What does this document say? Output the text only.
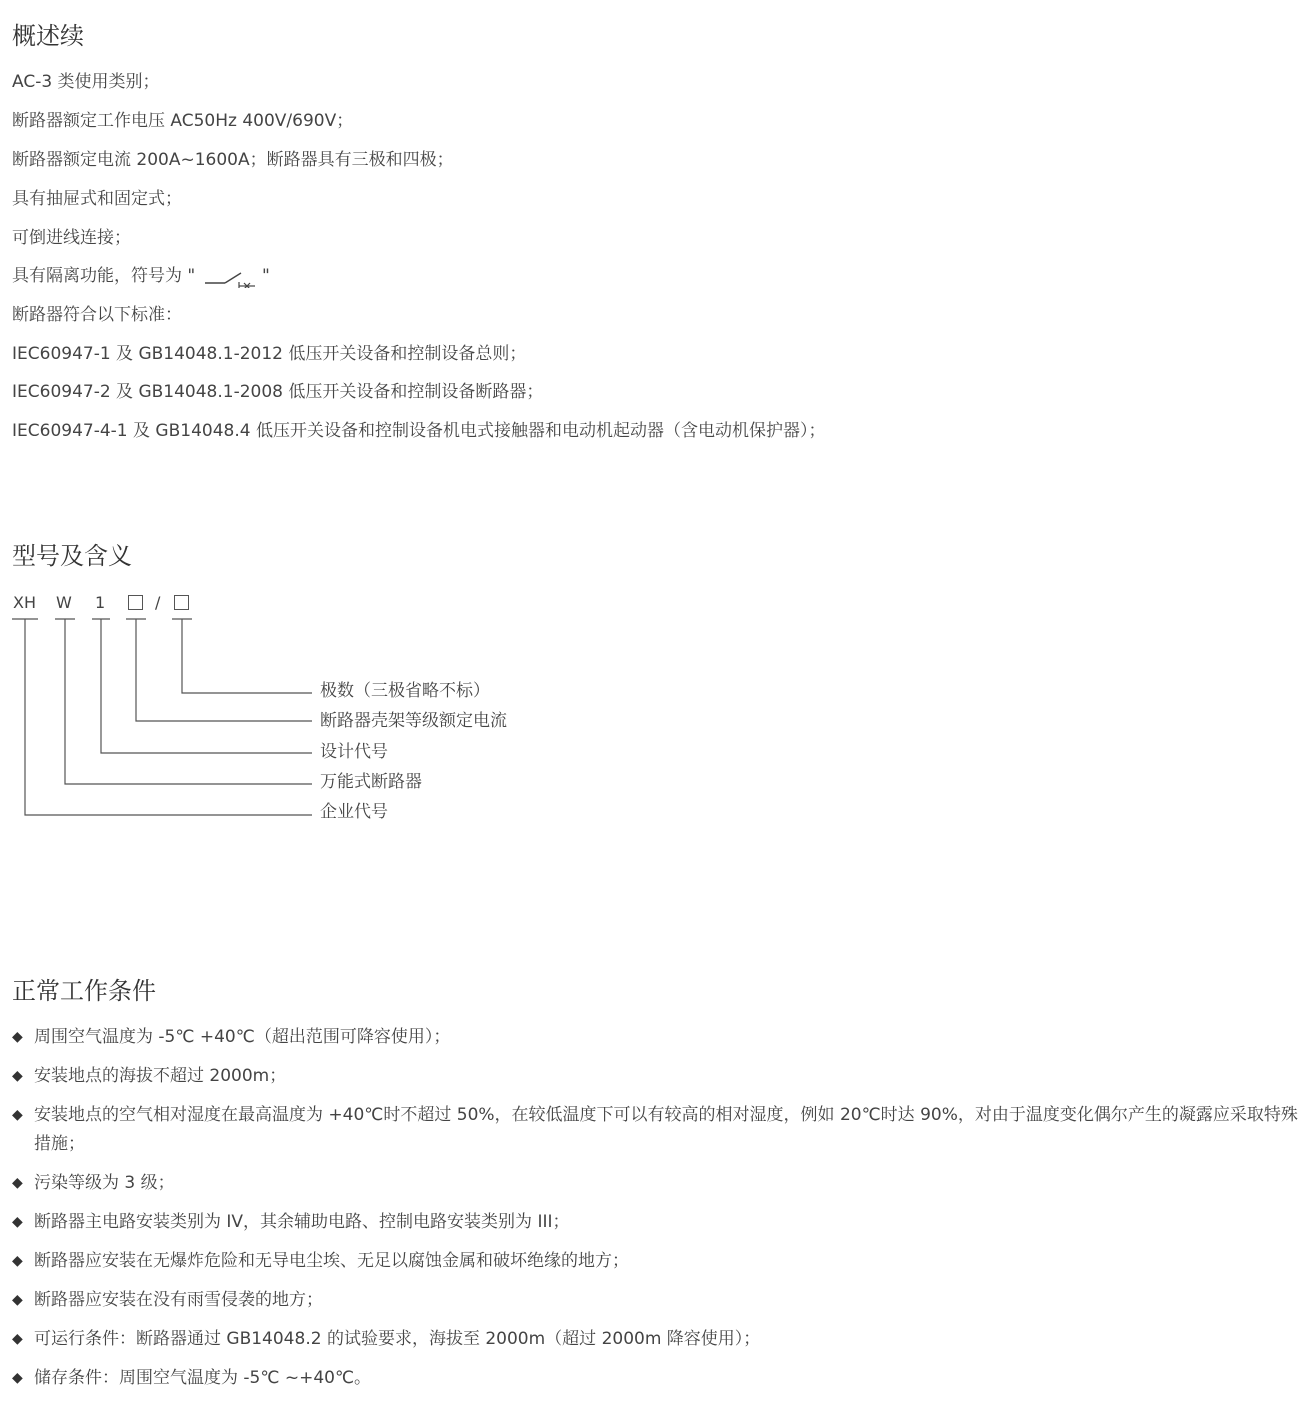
概述续
AC-3 类使用类别；
断路器额定工作电压 AC50Hz 400V/690V；
断路器额定电流 200A~1600A；断路器具有三极和四极；
具有抽屉式和固定式；
可倒进线连接；
具有隔离功能，符号为 "	"
断路器符合以下标准：
IEC60947-1 及 GB14048.1-2012 低压开关设备和控制设备总则；
IEC60947-2 及 GB14048.1-2008 低压开关设备和控制设备断路器；
IEC60947-4-1 及 GB14048.4 低压开关设备和控制设备机电式接触器和电动机起动器（含电动机保护器）；
型号及含义
XH W 1	/
极数（三极省略不标）
断路器壳架等级额定电流
设计代号
万能式断路器
企业代号
正常工作条件
◆ 周围空气温度为 -5℃ +40℃（超出范围可降容使用）；
◆ 安装地点的海拔不超过 2000m；
◆ 安装地点的空气相对湿度在最高温度为 +40℃时不超过 50%，在较低温度下可以有较高的相对湿度，例如 20℃时达 90%，对由于温度变化偶尔产生的凝露应采取特殊措施；
◆ 污染等级为 3 级；
◆ 断路器主电路安装类别为 IV，其余辅助电路、控制电路安装类别为 III；
◆ 断路器应安装在无爆炸危险和无导电尘埃、无足以腐蚀金属和破坏绝缘的地方；
◆ 断路器应安装在没有雨雪侵袭的地方；
◆ 可运行条件：断路器通过 GB14048.2 的试验要求，海拔至 2000m（超过 2000m 降容使用）；
◆ 储存条件：周围空气温度为 -5℃ ~+40℃。
